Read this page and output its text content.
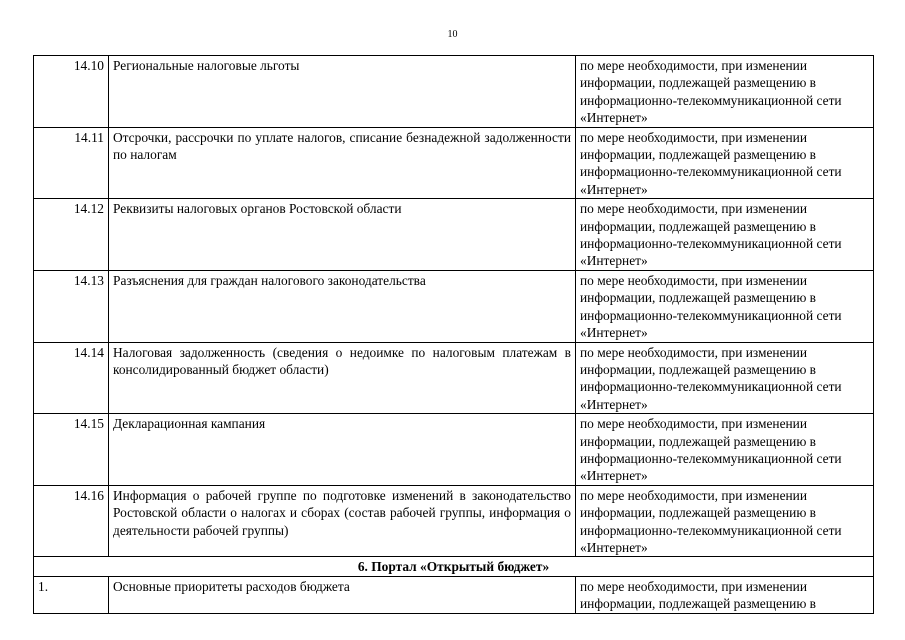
10
14.10	Региональные налоговые льготы	по мере необходимости, при изменении информации, подлежащей размещению в информационно-телекоммуникационной сети «Интернет»
14.11	Отсрочки, рассрочки по уплате налогов, списание безнадежной задолженности по налогам	по мере необходимости, при изменении информации, подлежащей размещению в информационно-телекоммуникационной сети «Интернет»
14.12	Реквизиты налоговых органов Ростовской области	по мере необходимости, при изменении информации, подлежащей размещению в информационно-телекоммуникационной сети «Интернет»
14.13	Разъяснения для граждан налогового законодательства	по мере необходимости, при изменении информации, подлежащей размещению в информационно-телекоммуникационной сети «Интернет»
14.14	Налоговая задолженность (сведения о недоимке по налоговым платежам в консолидированный бюджет области)	по мере необходимости, при изменении информации, подлежащей размещению в информационно-телекоммуникационной сети «Интернет»
14.15	Декларационная кампания	по мере необходимости, при изменении информации, подлежащей размещению в информационно-телекоммуникационной сети «Интернет»
14.16	Информация о рабочей группе по подготовке изменений в законодательство Ростовской области о налогах и сборах (состав рабочей группы, информация о деятельности рабочей группы)	по мере необходимости, при изменении информации, подлежащей размещению в информационно-телекоммуникационной сети «Интернет»
6. Портал «Открытый бюджет»		
1.	Основные приоритеты расходов бюджета	по мере необходимости, при изменении информации, подлежащей размещению в
